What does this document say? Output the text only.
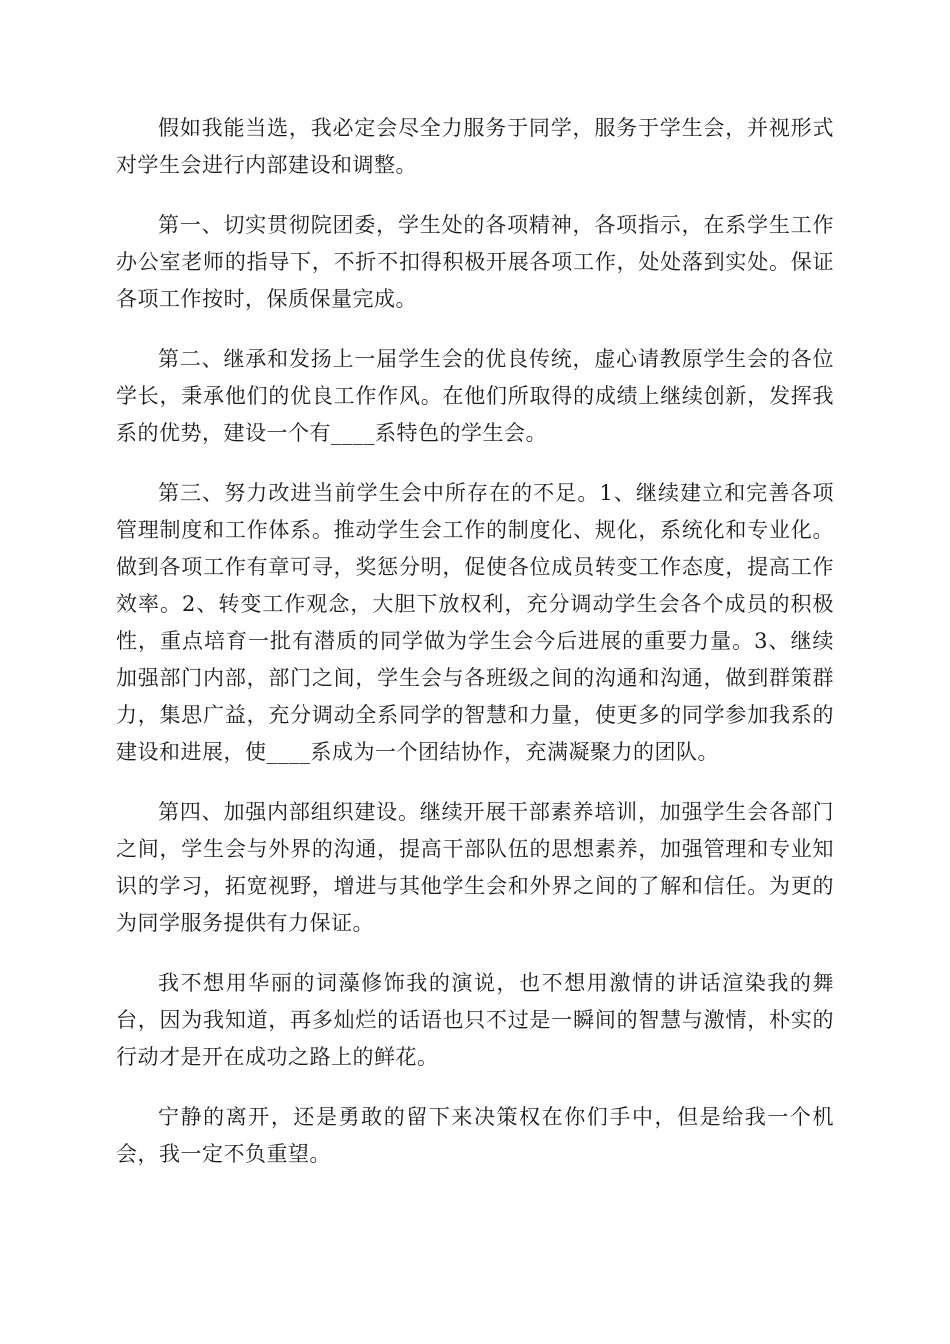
假如我能当选，我必定会尽全力服务于同学，服务于学生会，并视形式对学生会进行内部建设和调整。

第一、切实贯彻院团委，学生处的各项精神，各项指示，在系学生工作办公室老师的指导下，不折不扣得积极开展各项工作，处处落到实处。保证各项工作按时，保质保量完成。

第二、继承和发扬上一届学生会的优良传统，虚心请教原学生会的各位学长，秉承他们的优良工作作风。在他们所取得的成绩上继续创新，发挥我系的优势，建设一个有____系特色的学生会。

第三、努力改进当前学生会中所存在的不足。1、继续建立和完善各项管理制度和工作体系。推动学生会工作的制度化、规化，系统化和专业化。做到各项工作有章可寻，奖惩分明，促使各位成员转变工作态度，提高工作效率。2、转变工作观念，大胆下放权利，充分调动学生会各个成员的积极性，重点培育一批有潜质的同学做为学生会今后进展的重要力量。3、继续加强部门内部，部门之间，学生会与各班级之间的沟通和沟通，做到群策群力，集思广益，充分调动全系同学的智慧和力量，使更多的同学参加我系的建设和进展，使____系成为一个团结协作，充满凝聚力的团队。

第四、加强内部组织建设。继续开展干部素养培训，加强学生会各部门之间，学生会与外界的沟通，提高干部队伍的思想素养，加强管理和专业知识的学习，拓宽视野，增进与其他学生会和外界之间的了解和信任。为更的为同学服务提供有力保证。

我不想用华丽的词藻修饰我的演说，也不想用激情的讲话渲染我的舞台，因为我知道，再多灿烂的话语也只不过是一瞬间的智慧与激情，朴实的行动才是开在成功之路上的鲜花。

宁静的离开，还是勇敢的留下来决策权在你们手中，但是给我一个机会，我一定不负重望。
